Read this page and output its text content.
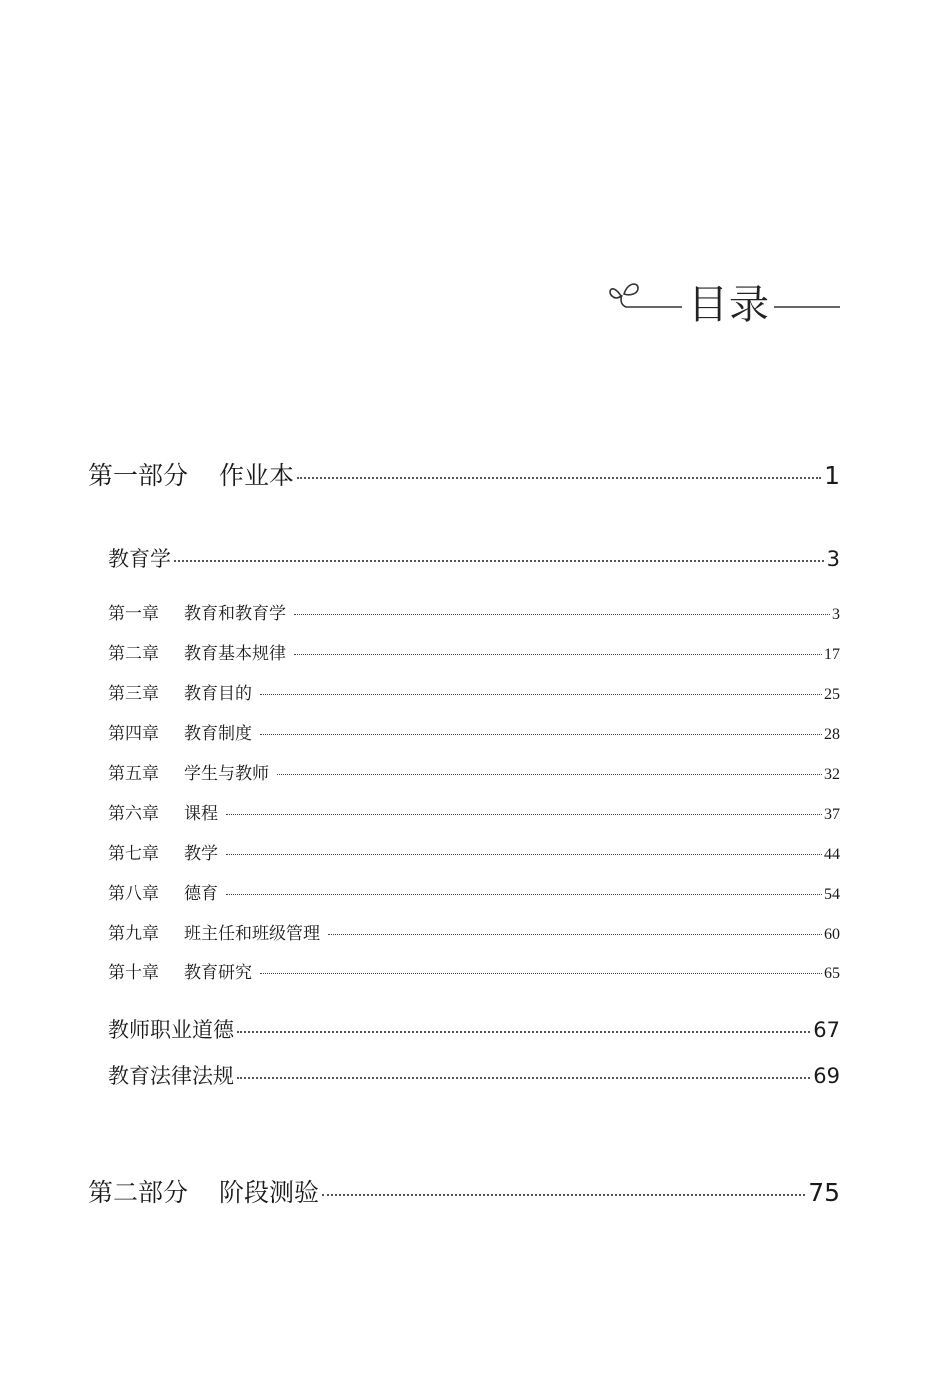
目录
第一部分	作业本	1
教育学	3
第一章	教育和教育学	3
第二章	教育基本规律	17
第三章	教育目的	25
第四章	教育制度	28
第五章	学生与教师	32
第六章	课程	37
第七章	教学	44
第八章	德育	54
第九章	班主任和班级管理	60
第十章	教育研究	65
教师职业道德	67
教育法律法规	69
第二部分	阶段测验	75
